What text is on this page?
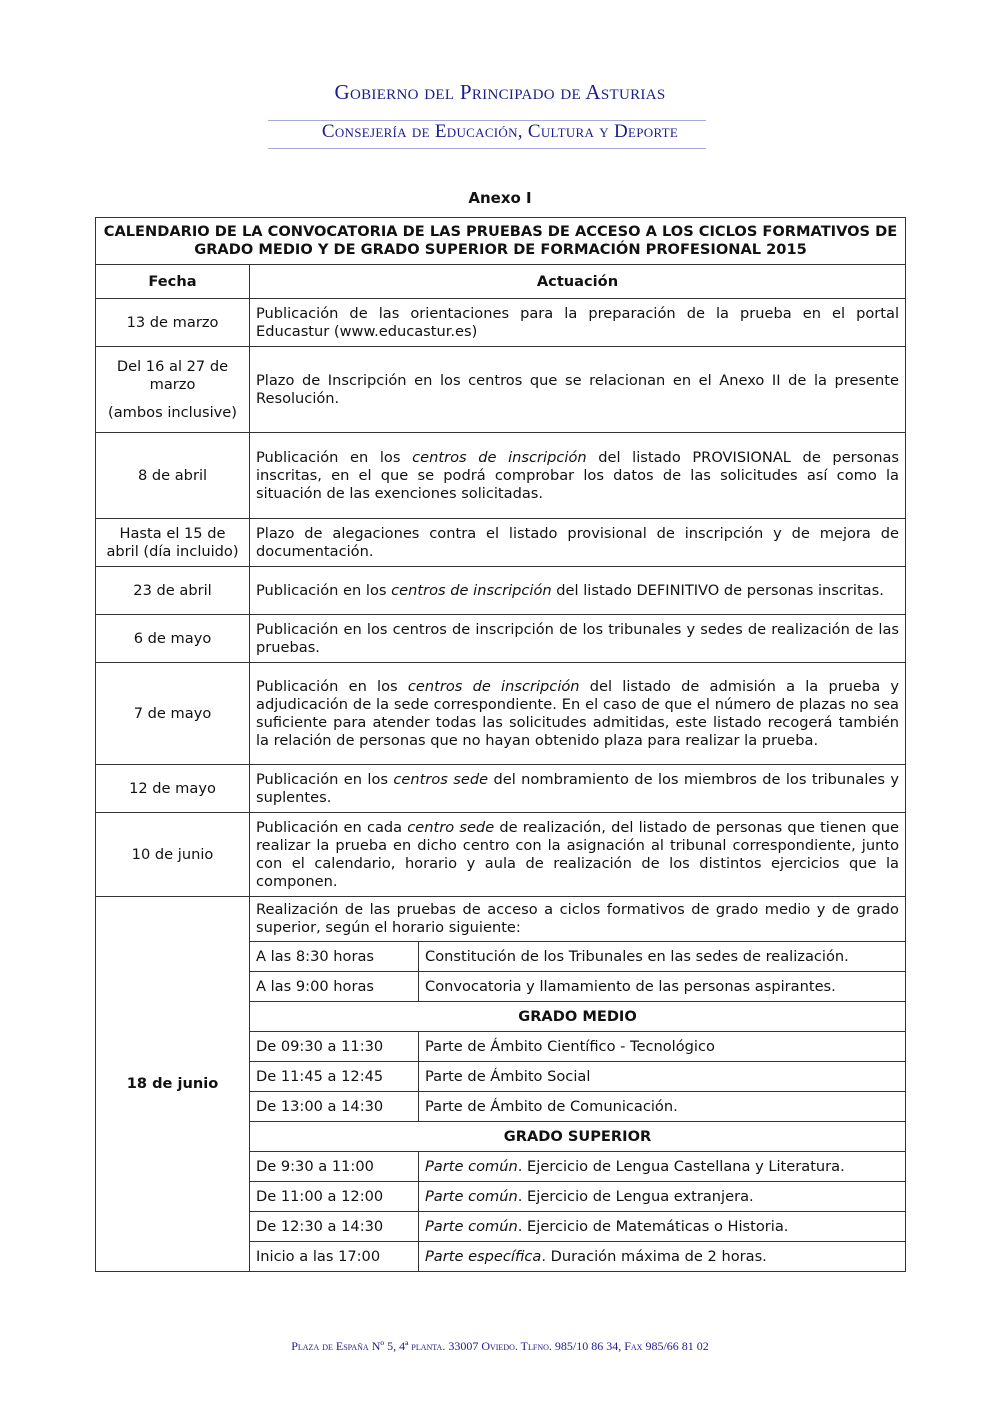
Gobierno del Principado de Asturias
Consejería de Educación, Cultura y Deporte
Anexo I
CALENDARIO DE LA CONVOCATORIA DE LAS PRUEBAS DE ACCESO A LOS CICLOS FORMATIVOS DE GRADO MEDIO Y DE GRADO SUPERIOR DE FORMACIÓN PROFESIONAL 2015		
Fecha	Actuación	

13 de marzo	Publicación de las orientaciones para la preparación de la prueba en el portal Educastur (www.educastur.es)	

Del 16 al 27 de marzo
(ambos inclusive)	Plazo de Inscripción en los centros que se relacionan en el Anexo II de la presente Resolución.	

8 de abril	Publicación en los centros de inscripción del listado PROVISIONAL de personas inscritas, en el que se podrá comprobar los datos de las solicitudes así como la situación de las exenciones solicitadas.	

Hasta el 15 de abril (día incluido)	Plazo de alegaciones contra el listado provisional de inscripción y de mejora de documentación.	

23 de abril	Publicación en los centros de inscripción del listado DEFINITIVO de personas inscritas.	

6 de mayo	Publicación en los centros de inscripción de los tribunales y sedes de realización de las pruebas.	

7 de mayo	Publicación en los centros de inscripción del listado de admisión a la prueba y adjudicación de la sede correspondiente. En el caso de que el número de plazas no sea suficiente para atender todas las solicitudes admitidas, este listado recogerá también la relación de personas que no hayan obtenido plaza para realizar la prueba.	

12 de mayo	Publicación en los centros sede del nombramiento de los miembros de los tribunales y suplentes.	

10 de junio	Publicación en cada centro sede de realización, del listado de personas que tienen que realizar la prueba en dicho centro con la asignación al tribunal correspondiente, junto con el calendario, horario y aula de realización de los distintos ejercicios que la componen.	
18 de junio	Realización de las pruebas de acceso a ciclos formativos de grado medio y de grado superior, según el horario siguiente:	
	A las 8:30 horas	Constitución de los Tribunales en las sedes de realización.
	A las 9:00 horas	Convocatoria y llamamiento de las personas aspirantes.
	GRADO MEDIO	
	De 09:30 a 11:30	Parte de Ámbito Científico - Tecnológico
	De 11:45 a 12:45	Parte de Ámbito Social
	De 13:00 a 14:30	Parte de Ámbito de Comunicación.
	GRADO SUPERIOR	
	De 9:30 a 11:00	Parte común. Ejercicio de Lengua Castellana y Literatura.
	De 11:00 a 12:00	Parte común. Ejercicio de Lengua extranjera.
	De 12:30 a 14:30	Parte común. Ejercicio de Matemáticas o Historia.
	Inicio a las 17:00	Parte específica. Duración máxima de 2 horas.
Plaza de España Nº 5, 4ª planta. 33007 Oviedo. Tlfno. 985/10 86 34, Fax 985/66 81 02
